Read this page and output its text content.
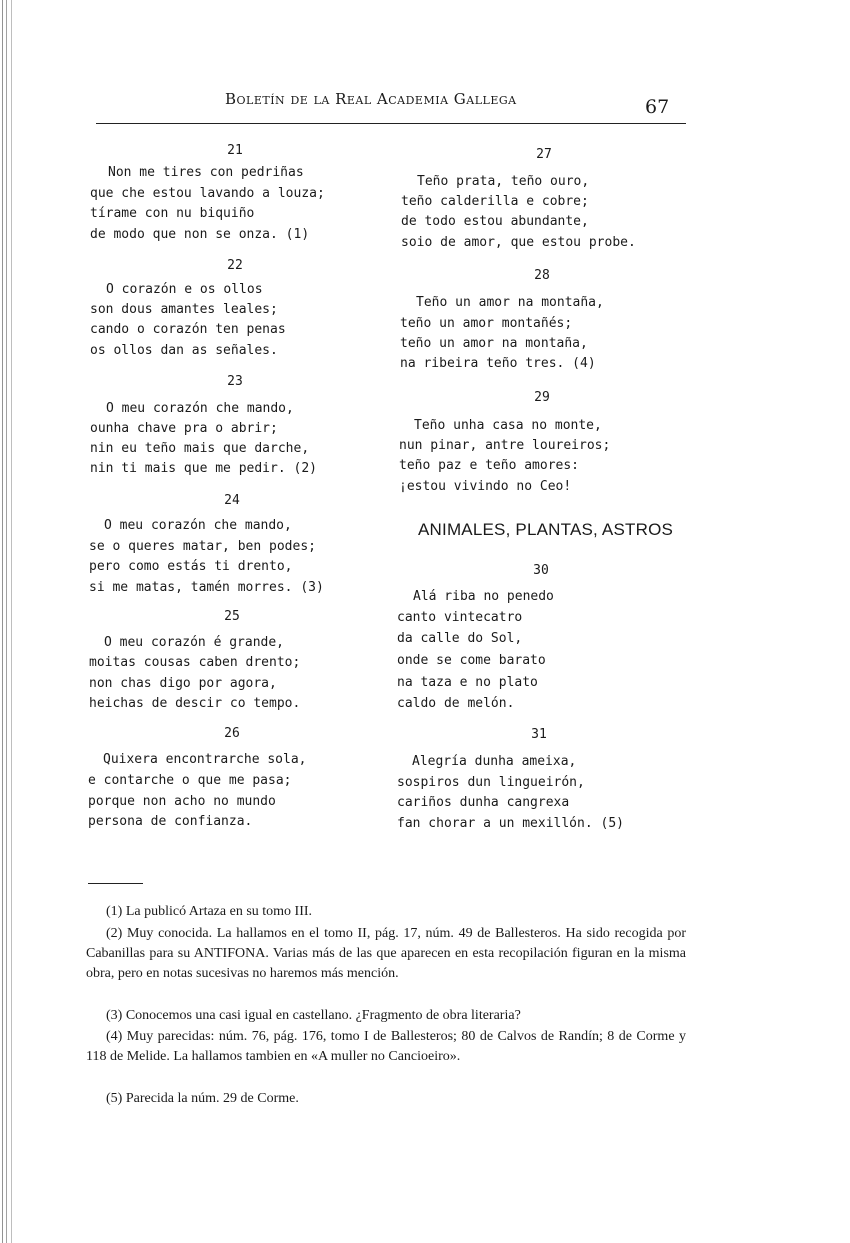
Boletín de la Real Academia Gallega	67
21
Non me tires con pedriñas
que che estou lavando a louza;
tírame con nu biquiño
de modo que non se onza. (1)
22
O corazón e os ollos
son dous amantes leales;
cando o corazón ten penas
os ollos dan as señales.
23
O meu corazón che mando,
ounha chave pra o abrir;
nin eu teño mais que darche,
nin ti mais que me pedir. (2)
24
O meu corazón che mando,
se o queres matar, ben podes;
pero como estás ti drento,
si me matas, tamén morres. (3)
25
O meu corazón é grande,
moitas cousas caben drento;
non chas digo por agora,
heichas de descir co tempo.
26
Quixera encontrarche sola,
e contarche o que me pasa;
porque non acho no mundo
persona de confianza.
27
Teño prata, teño ouro,
teño calderilla e cobre;
de todo estou abundante,
soio de amor, que estou probe.
28
Teño un amor na montaña,
teño un amor montañés;
teño un amor na montaña,
na ribeira teño tres. (4)
29
Teño unha casa no monte,
nun pinar, antre loureiros;
teño paz e teño amores:
¡estou vivindo no Ceo!
ANIMALES, PLANTAS, ASTROS
30
Alá riba no penedo
canto vintecatro
da calle do Sol,
onde se come barato
na taza e no plato
caldo de melón.
31
Alegría dunha ameixa,
sospiros dun lingueirón,
cariños dunha cangrexa
fan chorar a un mexillón. (5)
(1) La publicó Artaza en su tomo III.
(2) Muy conocida. La hallamos en el tomo II, pág. 17, núm. 49 de Ballesteros. Ha sido recogida por Cabanillas para su ANTIFONA. Varias más de las que aparecen en esta recopilación figuran en la misma obra, pero en notas sucesivas no haremos más mención.
(3) Conocemos una casi igual en castellano. ¿Fragmento de obra literaria?
(4) Muy parecidas: núm. 76, pág. 176, tomo I de Ballesteros; 80 de Calvos de Randín; 8 de Corme y 118 de Melide. La hallamos tambien en «A muller no Cancioeiro».
(5) Parecida la núm. 29 de Corme.
